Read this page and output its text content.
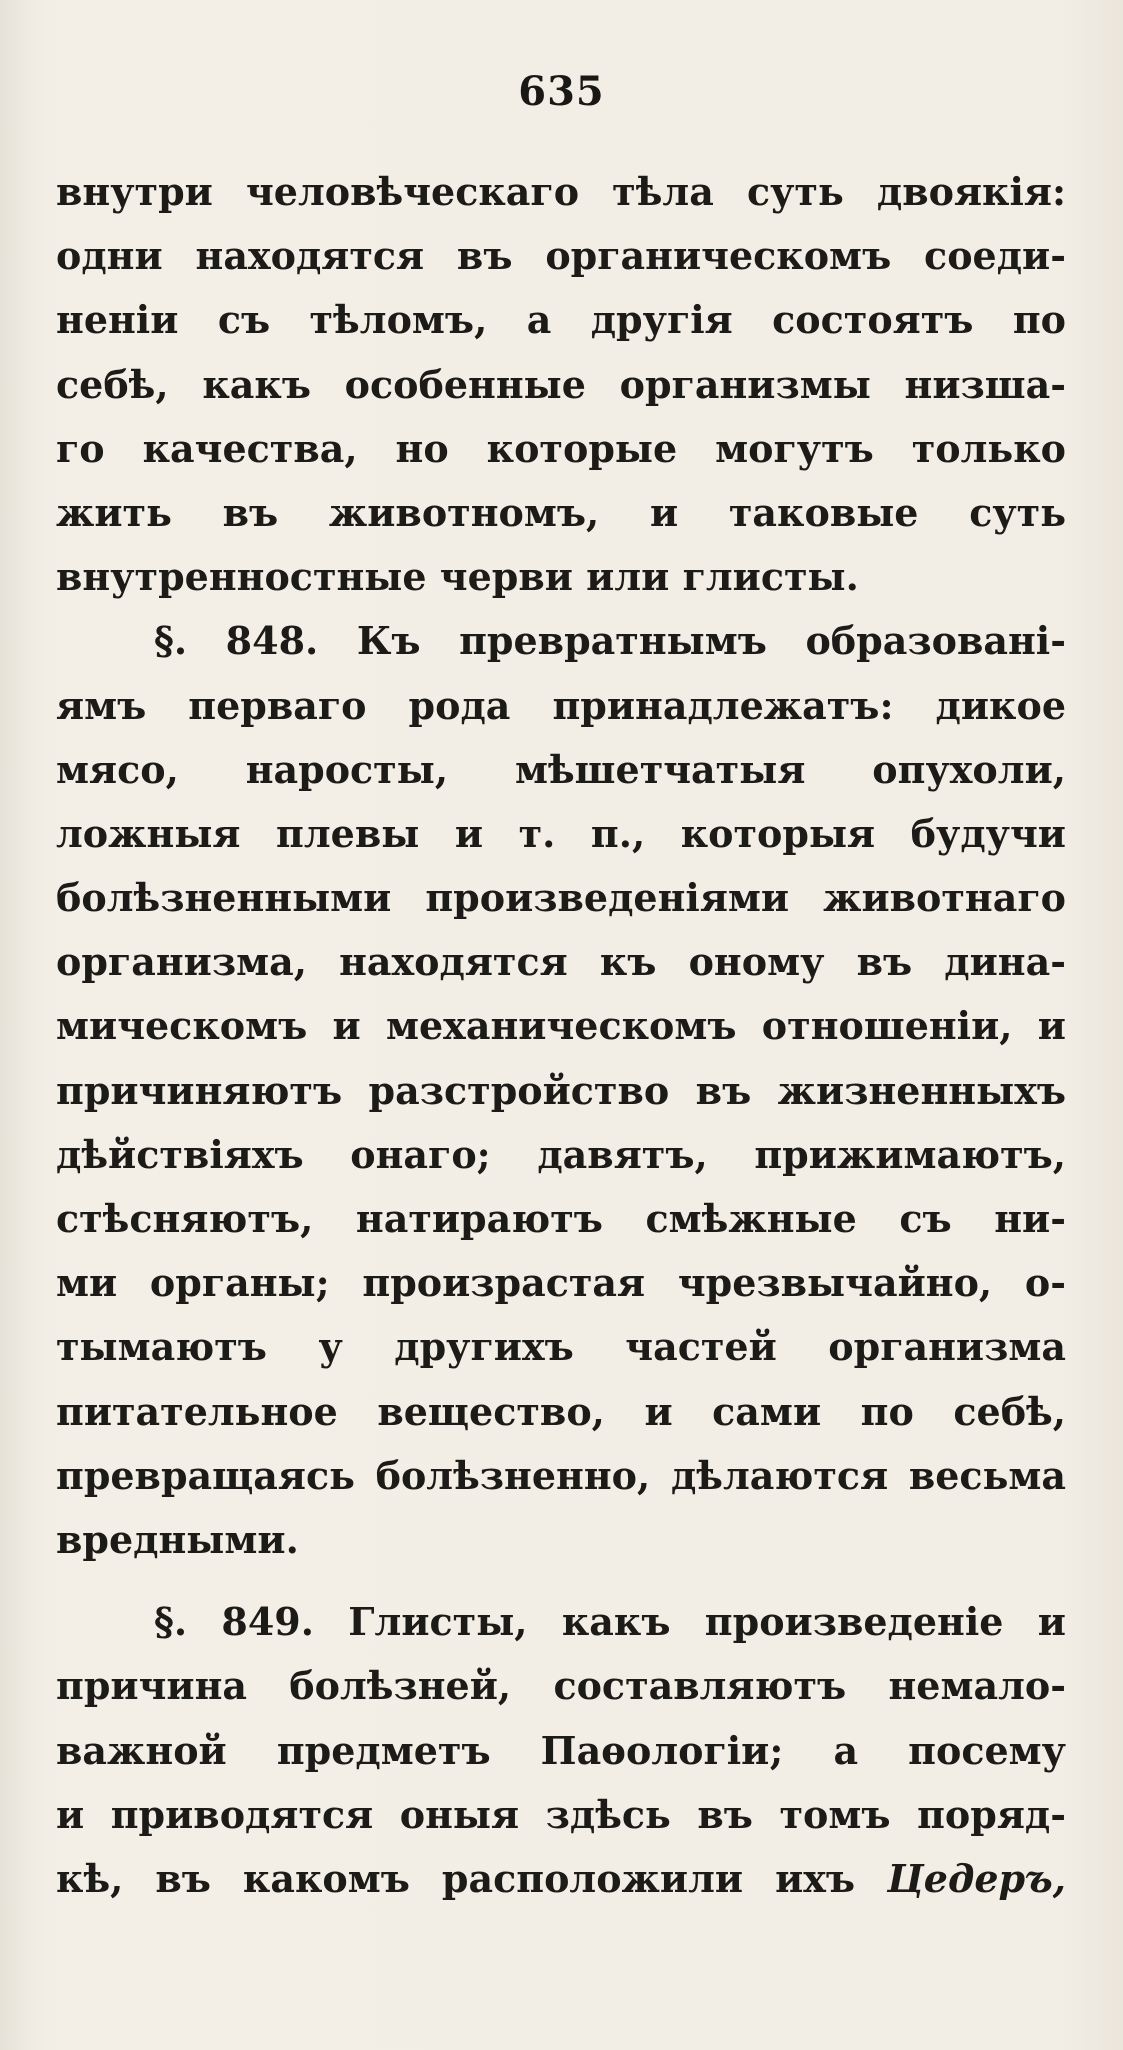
635
внутри человѣческаго тѣла суть двоякія:
одни находятся въ органическомъ соеди-
неніи съ тѣломъ, а другія состоятъ по
себѣ, какъ особенные организмы низша-
го качества, но которые могутъ только
жить въ животномъ, и таковые суть
внутренностные черви или глисты.
§. 848. Къ превратнымъ образовані-
ямъ перваго рода принадлежатъ: дикое
мясо, наросты, мѣшетчатыя опухоли,
ложныя плевы и т. п., которыя будучи
болѣзненными произведеніями животнаго
организма, находятся къ оному въ дина-
мическомъ и механическомъ отношеніи, и
причиняютъ разстройство въ жизненныхъ
дѣйствіяхъ онаго; давятъ, прижимаютъ,
стѣсняютъ, натираютъ смѣжные съ ни-
ми органы; произрастая чрезвычайно, о-
тымаютъ у другихъ частей организма
питательное вещество, и сами по себѣ,
превращаясь болѣзненно, дѣлаются весьма
вредными.
§. 849. Глисты, какъ произведеніе и
причина болѣзней, составляютъ немало-
важной предметъ Паѳологіи; а посему
и приводятся оныя здѣсь въ томъ поряд-
кѣ, въ какомъ расположили ихъ Цедеръ,
